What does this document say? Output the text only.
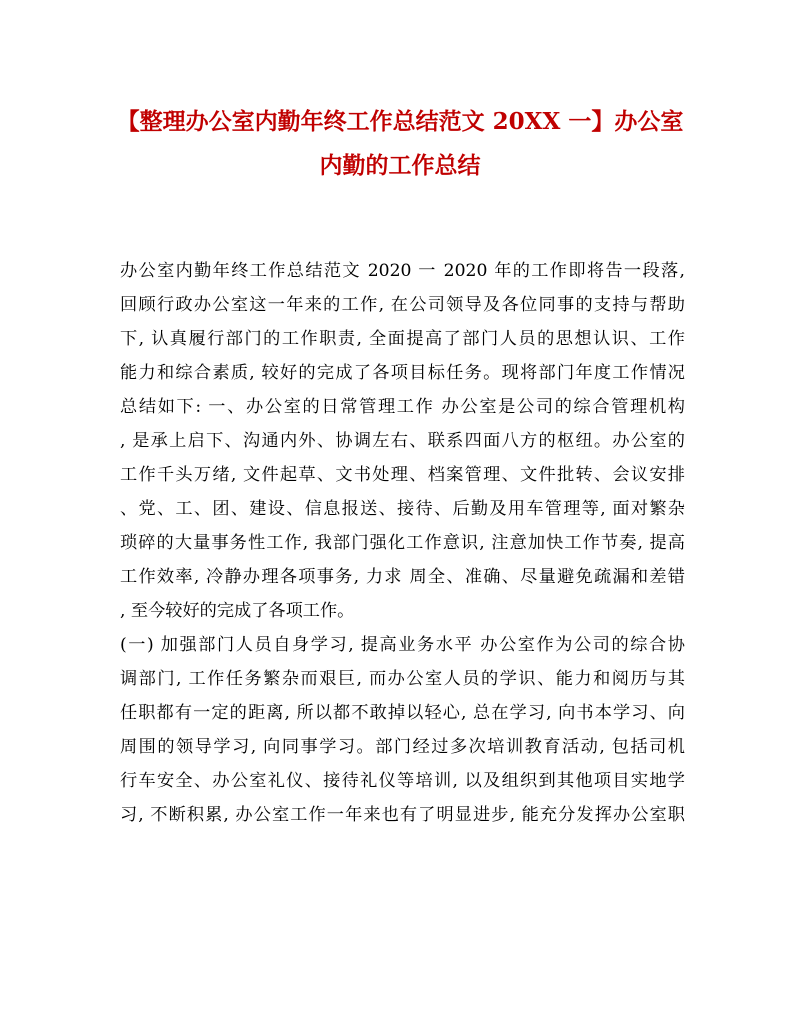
【整理办公室内勤年终工作总结范文 20XX 一】办公室
内勤的工作总结
办公室内勤年终工作总结范文 2020 一 2020 年的工作即将告一段落,
回顾行政办公室这一年来的工作, 在公司领导及各位同事的支持与帮助
下, 认真履行部门的工作职责, 全面提高了部门人员的思想认识、工作
能力和综合素质, 较好的完成了各项目标任务。现将部门年度工作情况
总结如下: 一、办公室的日常管理工作 办公室是公司的综合管理机构
, 是承上启下、沟通内外、协调左右、联系四面八方的枢纽。办公室的
工作千头万绪, 文件起草、文书处理、档案管理、文件批转、会议安排
、党、工、团、建设、信息报送、接待、后勤及用车管理等, 面对繁杂
琐碎的大量事务性工作, 我部门强化工作意识, 注意加快工作节奏, 提高
工作效率, 冷静办理各项事务, 力求 周全、准确、尽量避免疏漏和差错
, 至今较好的完成了各项工作。
(一) 加强部门人员自身学习, 提高业务水平 办公室作为公司的综合协
调部门, 工作任务繁杂而艰巨, 而办公室人员的学识、能力和阅历与其
任职都有一定的距离, 所以都不敢掉以轻心, 总在学习, 向书本学习、向
周围的领导学习, 向同事学习。部门经过多次培训教育活动, 包括司机
行车安全、办公室礼仪、接待礼仪等培训, 以及组织到其他项目实地学
习, 不断积累, 办公室工作一年来也有了明显进步, 能充分发挥办公室职
